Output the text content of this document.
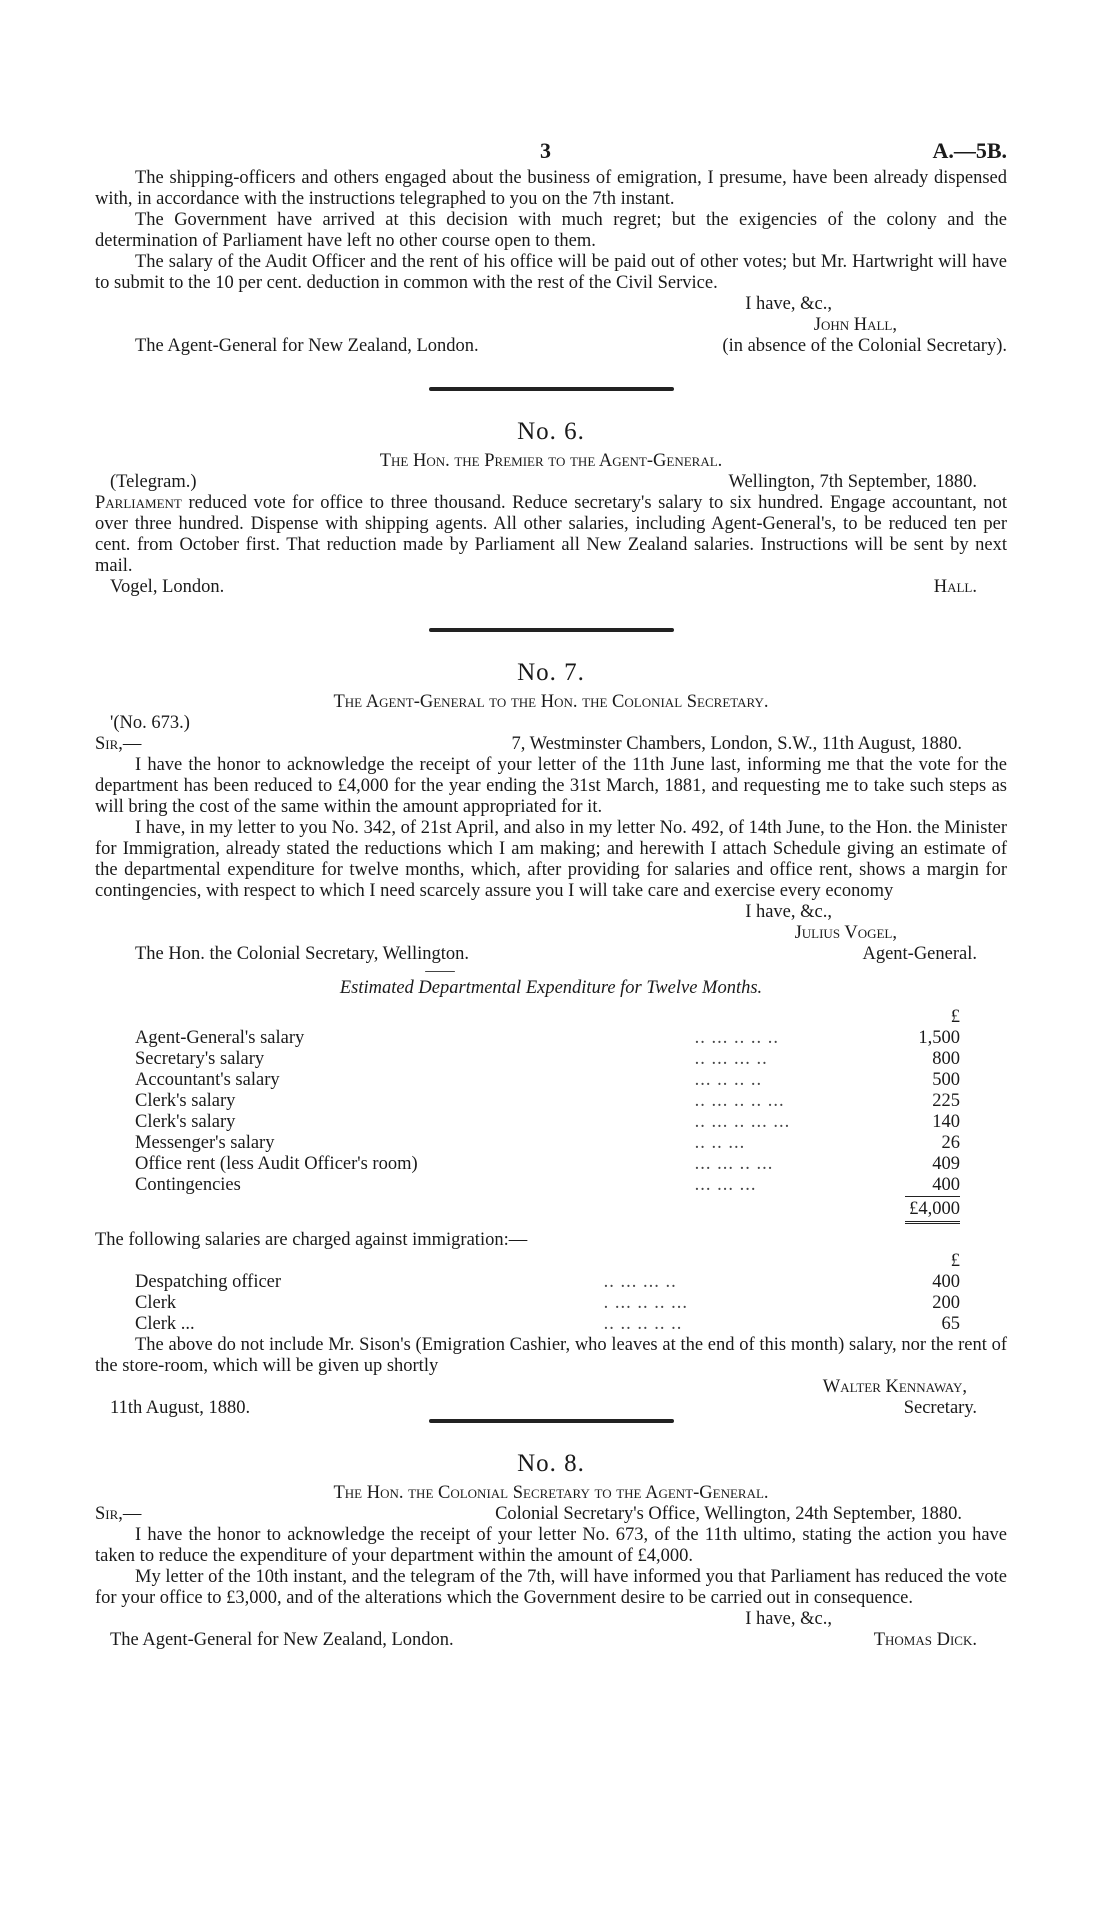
3	A.—5B.

The shipping-officers and others engaged about the business of emigration, I presume, have been already dispensed with, in accordance with the instructions telegraphed to you on the 7th instant.

The Government have arrived at this decision with much regret; but the exigencies of the colony and the determination of Parliament have left no other course open to them.

The salary of the Audit Officer and the rent of his office will be paid out of other votes; but Mr. Hartwright will have to submit to the 10 per cent. deduction in common with the rest of the Civil Service.

I have, &c.,
John Hall,
The Agent-General for New Zealand, London.	(in absence of the Colonial Secretary).
No. 6.
The Hon. the Premier to the Agent-General.
(Telegram.)	Wellington, 7th September, 1880.

Parliament reduced vote for office to three thousand. Reduce secretary's salary to six hundred. Engage accountant, not over three hundred. Dispense with shipping agents. All other salaries, including Agent-General's, to be reduced ten per cent. from October first. That reduction made by Parliament all New Zealand salaries. Instructions will be sent by next mail.

Vogel, London.	Hall.
No. 7.
The Agent-General to the Hon. the Colonial Secretary.
'(No. 673.)
Sir,—	7, Westminster Chambers, London, S.W., 11th August, 1880.

I have the honor to acknowledge the receipt of your letter of the 11th June last, informing me that the vote for the department has been reduced to £4,000 for the year ending the 31st March, 1881, and requesting me to take such steps as will bring the cost of the same within the amount appropriated for it.

I have, in my letter to you No. 342, of 21st April, and also in my letter No. 492, of 14th June, to the Hon. the Minister for Immigration, already stated the reductions which I am making; and herewith I attach Schedule giving an estimate of the departmental expenditure for twelve months, which, after providing for salaries and office rent, shows a margin for contingencies, with respect to which I need scarcely assure you I will take care and exercise every economy

I have, &c.,
Julius Vogel,
The Hon. the Colonial Secretary, Wellington.	Agent-General.
Estimated Departmental Expenditure for Twelve Months.
		£
Agent-General's salary	.. ... .. .. ..	1,500
Secretary's salary	.. ... ... ..	800
Accountant's salary	... .. .. ..	500
Clerk's salary	.. ... .. .. ...	225
Clerk's salary	.. ... .. ... ...	140
Messenger's salary	.. .. ...	26
Office rent (less Audit Officer's room)	... ... .. ...	409
Contingencies	... ... ...	400
		£4,000

The following salaries are charged against immigration:—

		£
Despatching officer	.. ... ... ..	400
Clerk	. ... .. .. ...	200
Clerk ...	.. .. .. .. ..	65

The above do not include Mr. Sison's (Emigration Cashier, who leaves at the end of this month) salary, nor the rent of the store-room, which will be given up shortly

Walter Kennaway,
11th August, 1880.	Secretary.
No. 8.
The Hon. the Colonial Secretary to the Agent-General.
Sir,—	Colonial Secretary's Office, Wellington, 24th September, 1880.

I have the honor to acknowledge the receipt of your letter No. 673, of the 11th ultimo, stating the action you have taken to reduce the expenditure of your department within the amount of £4,000.

My letter of the 10th instant, and the telegram of the 7th, will have informed you that Parliament has reduced the vote for your office to £3,000, and of the alterations which the Government desire to be carried out in consequence.

I have, &c.,
The Agent-General for New Zealand, London.	Thomas Dick.
